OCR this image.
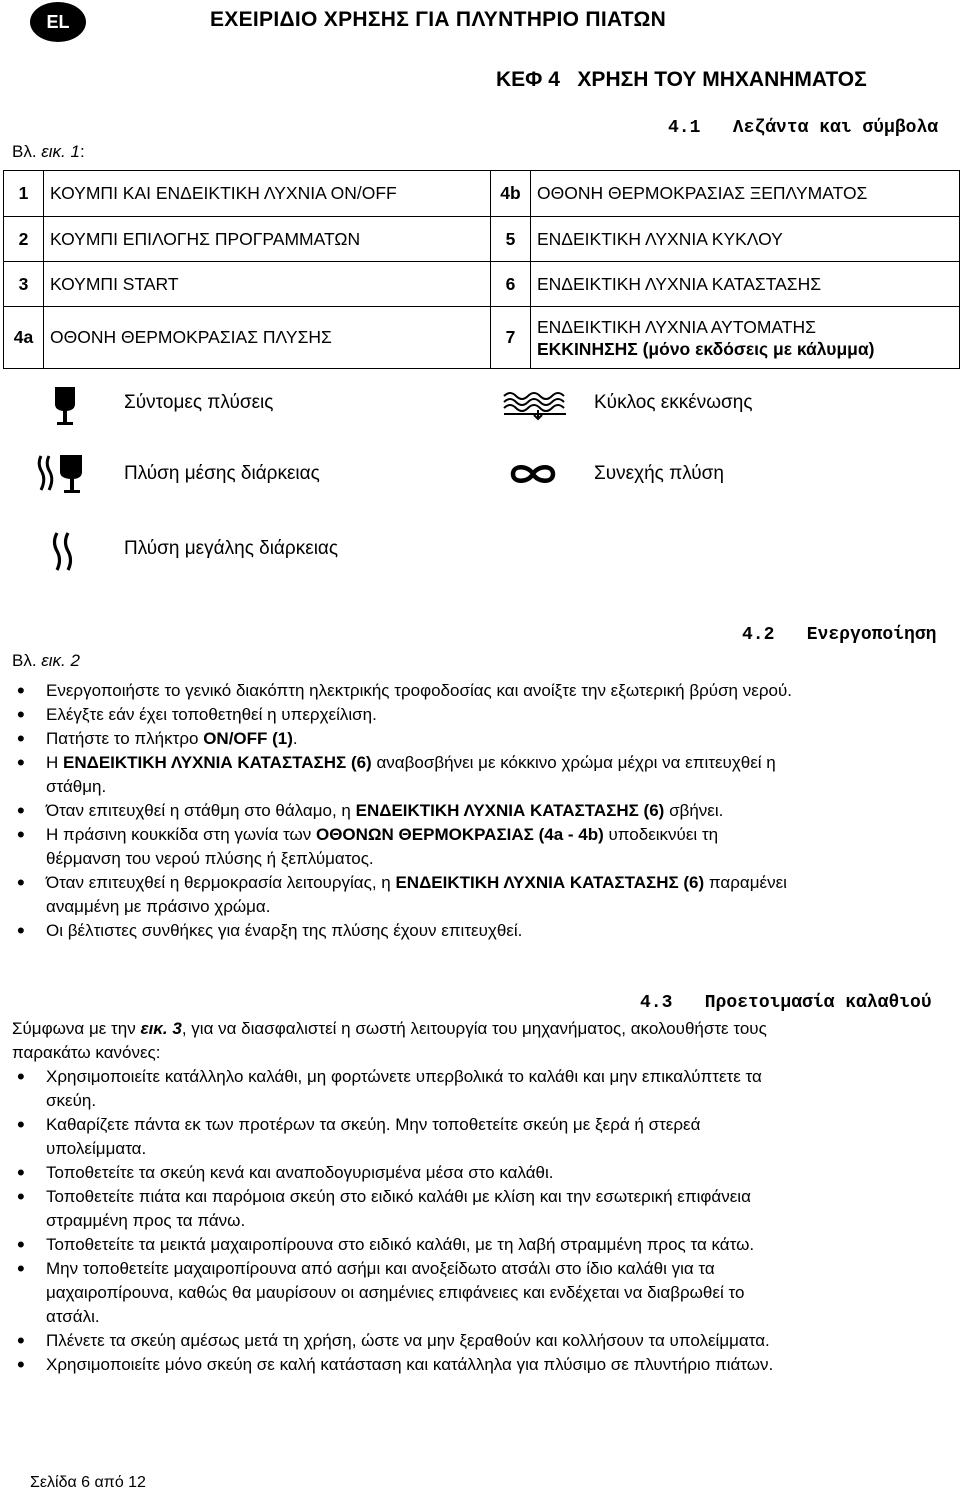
EL	ΕΧΕΙΡΙΔΙΟ ΧΡΗΣΗΣ ΓΙΑ ΠΛΥΝΤΗΡΙΟ ΠΙΑΤΩΝ
ΚΕΦ 4   ΧΡΗΣΗ ΤΟΥ ΜΗΧΑΝΗΜΑΤΟΣ
4.1   Λεζάντα και σύμβολα
Βλ. εικ. 1:
1	ΚΟΥΜΠΙ ΚΑΙ ΕΝΔΕΙΚΤΙΚΗ ΛΥΧΝΙΑ ON/OFF	4b	ΟΘΟΝΗ ΘΕΡΜΟΚΡΑΣΙΑΣ ΞΕΠΛΥΜΑΤΟΣ
2	ΚΟΥΜΠΙ ΕΠΙΛΟΓΗΣ ΠΡΟΓΡΑΜΜΑΤΩΝ	5	ΕΝΔΕΙΚΤΙΚΗ ΛΥΧΝΙΑ ΚΥΚΛΟΥ
3	ΚΟΥΜΠΙ START	6	ΕΝΔΕΙΚΤΙΚΗ ΛΥΧΝΙΑ ΚΑΤΑΣΤΑΣΗΣ
4a	ΟΘΟΝΗ ΘΕΡΜΟΚΡΑΣΙΑΣ ΠΛΥΣΗΣ	7	ΕΝΔΕΙΚΤΙΚΗ ΛΥΧΝΙΑ ΑΥΤΟΜΑΤΗΣ
ΕΚΚΙΝΗΣΗΣ (μόνο εκδόσεις με κάλυμμα)
Σύντομες πλύσεις	Κύκλος εκκένωσης
Πλύση μέσης διάρκειας	Συνεχής πλύση
Πλύση μεγάλης διάρκειας
4.2   Ενεργοποίηση
Βλ. εικ. 2
• Ενεργοποιήστε το γενικό διακόπτη ηλεκτρικής τροφοδοσίας και ανοίξτε την εξωτερική βρύση νερού.
• Ελέγξτε εάν έχει τοποθετηθεί η υπερχείλιση.
• Πατήστε το πλήκτρο ON/OFF (1).
• Η ΕΝΔΕΙΚΤΙΚΗ ΛΥΧΝΙΑ ΚΑΤΑΣΤΑΣΗΣ (6) αναβοσβήνει με κόκκινο χρώμα μέχρι να επιτευχθεί η
στάθμη.
• Όταν επιτευχθεί η στάθμη στο θάλαμο, η ΕΝΔΕΙΚΤΙΚΗ ΛΥΧΝΙΑ ΚΑΤΑΣΤΑΣΗΣ (6) σβήνει.
• Η πράσινη κουκκίδα στη γωνία των ΟΘΟΝΩΝ ΘΕΡΜΟΚΡΑΣΙΑΣ (4a - 4b) υποδεικνύει τη
θέρμανση του νερού πλύσης ή ξεπλύματος.
• Όταν επιτευχθεί η θερμοκρασία λειτουργίας, η ΕΝΔΕΙΚΤΙΚΗ ΛΥΧΝΙΑ ΚΑΤΑΣΤΑΣΗΣ (6) παραμένει
αναμμένη με πράσινο χρώμα.
• Οι βέλτιστες συνθήκες για έναρξη της πλύσης έχουν επιτευχθεί.
4.3   Προετοιμασία καλαθιού
Σύμφωνα με την εικ. 3, για να διασφαλιστεί η σωστή λειτουργία του μηχανήματος, ακολουθήστε τους
παρακάτω κανόνες:
• Χρησιμοποιείτε κατάλληλο καλάθι, μη φορτώνετε υπερβολικά το καλάθι και μην επικαλύπτετε τα
σκεύη.
• Καθαρίζετε πάντα εκ των προτέρων τα σκεύη. Μην τοποθετείτε σκεύη με ξερά ή στερεά
υπολείμματα.
• Τοποθετείτε τα σκεύη κενά και αναποδογυρισμένα μέσα στο καλάθι.
• Τοποθετείτε πιάτα και παρόμοια σκεύη στο ειδικό καλάθι με κλίση και την εσωτερική επιφάνεια
στραμμένη προς τα πάνω.
• Τοποθετείτε τα μεικτά μαχαιροπίρουνα στο ειδικό καλάθι, με τη λαβή στραμμένη προς τα κάτω.
• Μην τοποθετείτε μαχαιροπίρουνα από ασήμι και ανοξείδωτο ατσάλι στο ίδιο καλάθι για τα
μαχαιροπίρουνα, καθώς θα μαυρίσουν οι ασημένιες επιφάνειες και ενδέχεται να διαβρωθεί το
ατσάλι.
• Πλένετε τα σκεύη αμέσως μετά τη χρήση, ώστε να μην ξεραθούν και κολλήσουν τα υπολείμματα.
• Χρησιμοποιείτε μόνο σκεύη σε καλή κατάσταση και κατάλληλα για πλύσιμο σε πλυντήριο πιάτων.
Σελίδα 6 από 12
